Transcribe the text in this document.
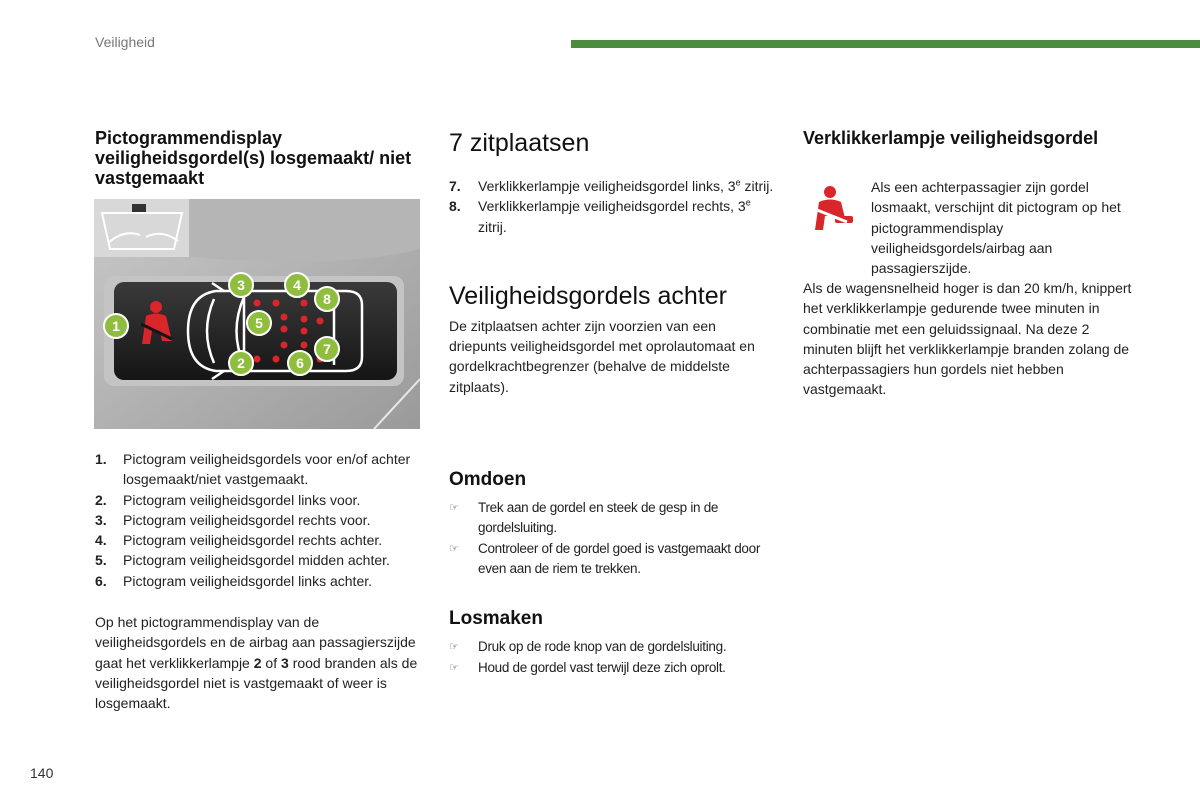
Veiligheid
Pictogrammendisplay veiligheidsgordel(s) losgemaakt/ niet vastgemaakt
1
2
3	4
5
6
7
8
1.	Pictogram veiligheidsgordels voor en/of achter losgemaakt/niet vastgemaakt.
2.	Pictogram veiligheidsgordel links voor.
3.	Pictogram veiligheidsgordel rechts voor.
4.	Pictogram veiligheidsgordel rechts achter.
5.	Pictogram veiligheidsgordel midden achter.
6.	Pictogram veiligheidsgordel links achter.

Op het pictogrammendisplay van de veiligheidsgordels en de airbag aan passagierszijde gaat het verklikkerlampje 2 of 3 rood branden als de veiligheidsgordel niet is vastgemaakt of weer is losgemaakt.

7 zitplaatsen
7.	Verklikkerlampje veiligheidsgordel links, 3e zitrij.
8.	Verklikkerlampje veiligheidsgordel rechts, 3e zitrij.
Veiligheidsgordels achter

De zitplaatsen achter zijn voorzien van een driepunts veiligheidsgordel met oprolautomaat en gordelkrachtbegrenzer (behalve de middelste zitplaats).

Omdoen
☞	Trek aan de gordel en steek de gesp in de gordelsluiting.
☞	Controleer of de gordel goed is vastgemaakt door even aan de riem te trekken.
Losmaken
☞	Druk op de rode knop van de gordelsluiting.
☞	Houd de gordel vast terwijl deze zich oprolt.
Verklikkerlampje veiligheidsgordel

Als een achterpassagier zijn gordel losmaakt, verschijnt dit pictogram op het pictogrammendisplay veiligheidsgordels/airbag aan passagierszijde.

Als de wagensnelheid hoger is dan 20 km/h, knippert het verklikkerlampje gedurende twee minuten in combinatie met een geluidssignaal. Na deze 2 minuten blijft het verklikkerlampje branden zolang de achterpassagiers hun gordels niet hebben vastgemaakt.

140
